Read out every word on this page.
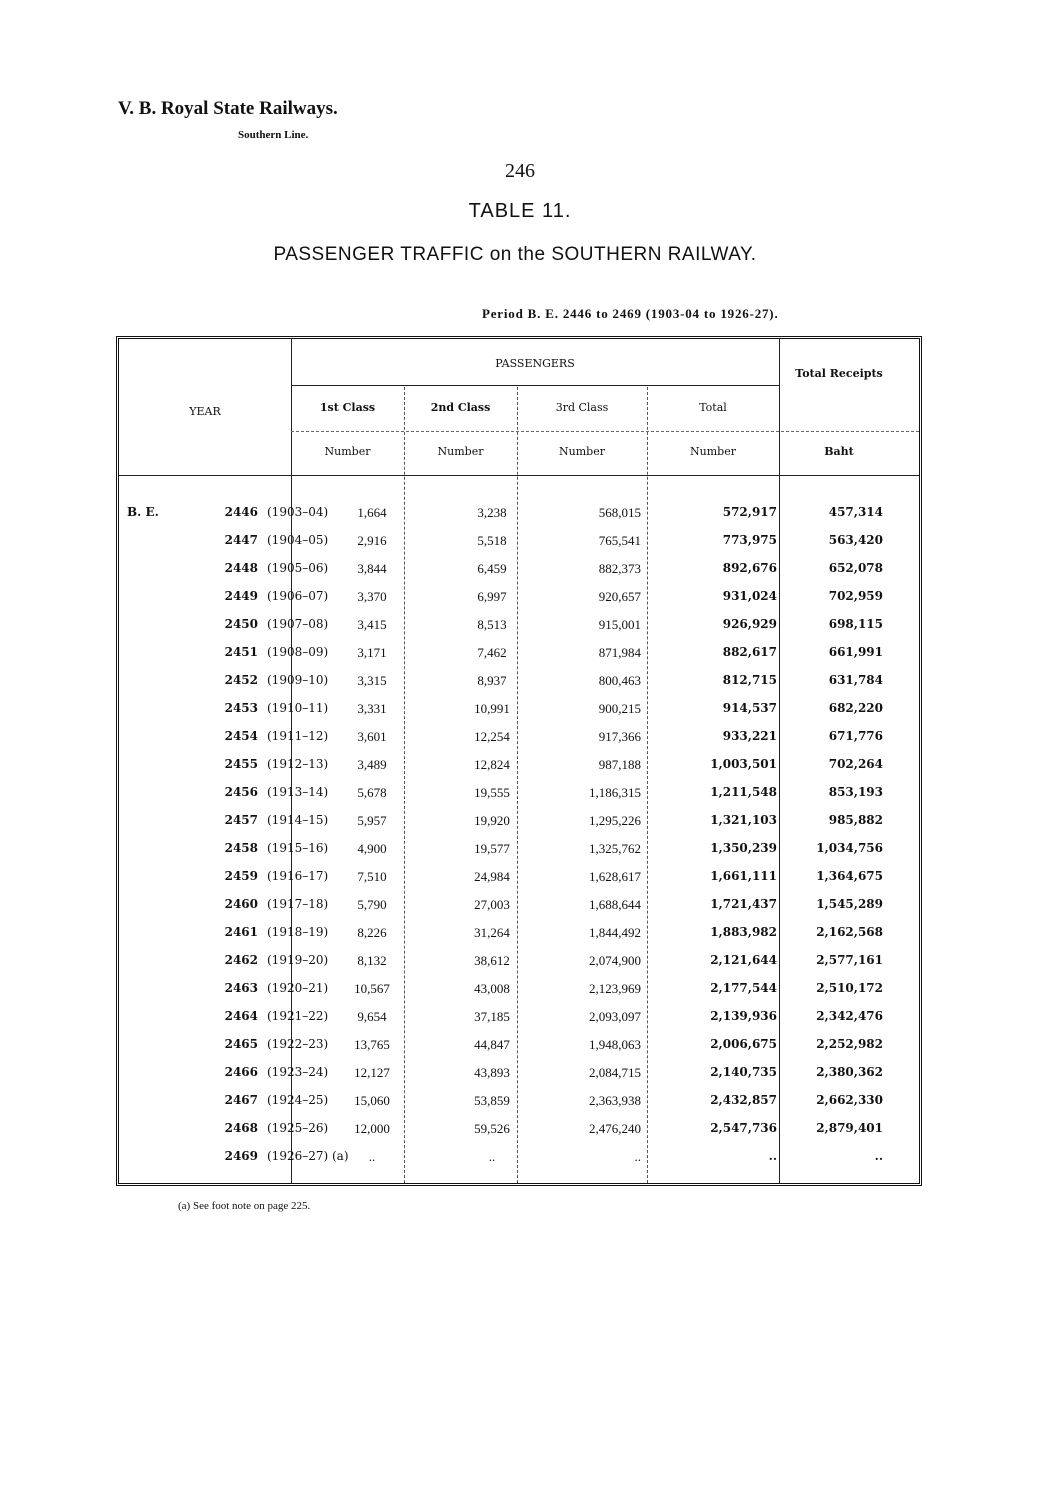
V. B. Royal State Railways.
Southern Line.
246
TABLE 11.
PASSENGER TRAFFIC on the SOUTHERN RAILWAY.
Period B. E. 2446 to 2469 (1903-04 to 1926-27).
YEAR
PASSENGERS
Total Receipts
1st Class	2nd Class	3rd Class	Total
Number	Number	Number	Number	Baht
B. E.	2446 (1903–04)	1,664	3,238	568,015	572,917	457,314
2447 (1904–05)	2,916	5,518	765,541	773,975	563,420
2448 (1905–06)	3,844	6,459	882,373	892,676	652,078
2449 (1906–07)	3,370	6,997	920,657	931,024	702,959
2450 (1907–08)	3,415	8,513	915,001	926,929	698,115
2451 (1908–09)	3,171	7,462	871,984	882,617	661,991
2452 (1909–10)	3,315	8,937	800,463	812,715	631,784
2453 (1910–11)	3,331	10,991	900,215	914,537	682,220
2454 (1911–12)	3,601	12,254	917,366	933,221	671,776
2455 (1912–13)	3,489	12,824	987,188	1,003,501	702,264
2456 (1913–14)	5,678	19,555	1,186,315	1,211,548	853,193
2457 (1914–15)	5,957	19,920	1,295,226	1,321,103	985,882
2458 (1915–16)	4,900	19,577	1,325,762	1,350,239	1,034,756
2459 (1916–17)	7,510	24,984	1,628,617	1,661,111	1,364,675
2460 (1917–18)	5,790	27,003	1,688,644	1,721,437	1,545,289
2461 (1918–19)	8,226	31,264	1,844,492	1,883,982	2,162,568
2462 (1919–20)	8,132	38,612	2,074,900	2,121,644	2,577,161
2463 (1920–21)	10,567	43,008	2,123,969	2,177,544	2,510,172
2464 (1921–22)	9,654	37,185	2,093,097	2,139,936	2,342,476
2465 (1922–23)	13,765	44,847	1,948,063	2,006,675	2,252,982
2466 (1923–24)	12,127	43,893	2,084,715	2,140,735	2,380,362
2467 (1924–25)	15,060	53,859	2,363,938	2,432,857	2,662,330
2468 (1925–26)	12,000	59,526	2,476,240	2,547,736	2,879,401
2469 (1926–27) (a)	..	..	..	..	..
(a) See foot note on page 225.
